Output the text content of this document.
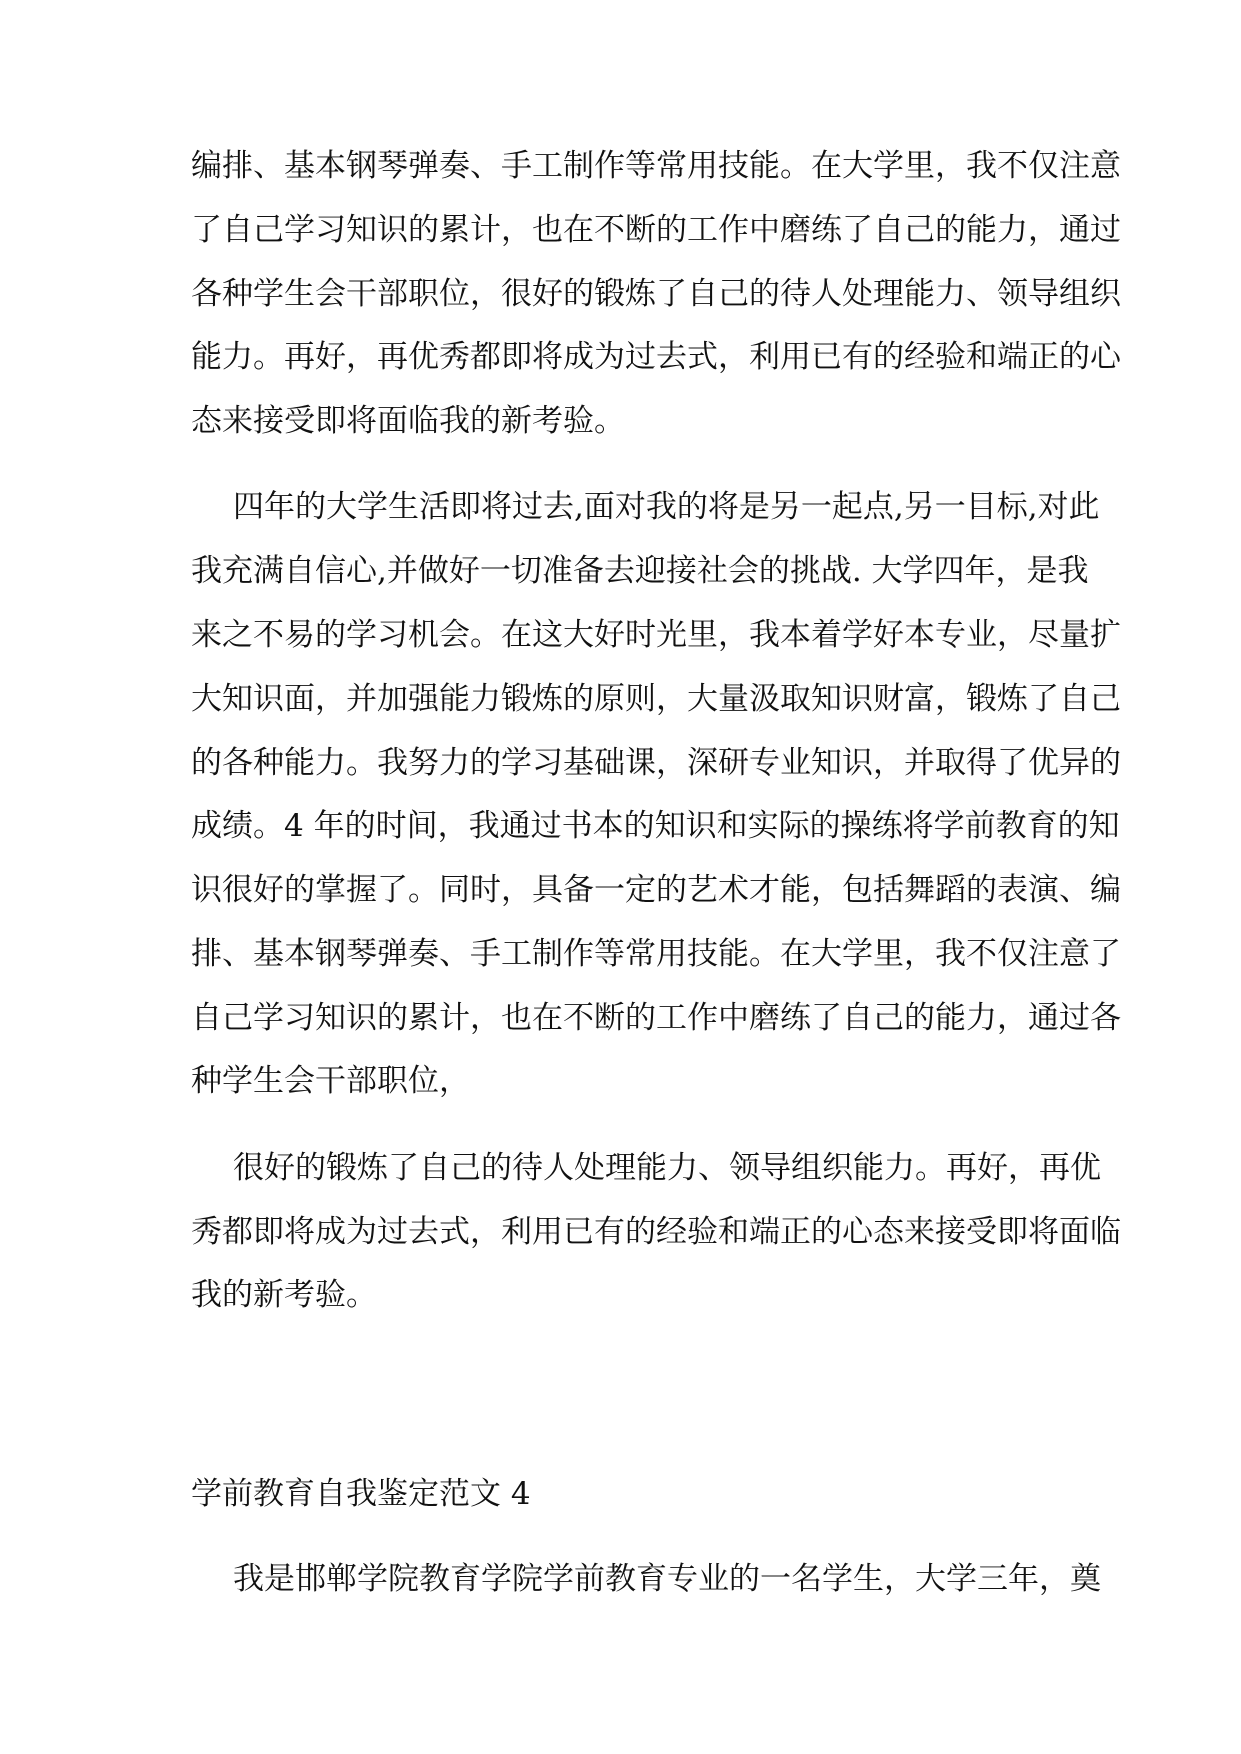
编排、基本钢琴弹奏、手工制作等常用技能。在大学里，我不仅注意
了自己学习知识的累计，也在不断的工作中磨练了自己的能力，通过
各种学生会干部职位，很好的锻炼了自己的待人处理能力、领导组织
能力。再好，再优秀都即将成为过去式，利用已有的经验和端正的心
态来接受即将面临我的新考验。
四年的大学生活即将过去,面对我的将是另一起点,另一目标,对此
我充满自信心,并做好一切准备去迎接社会的挑战. 大学四年，是我
来之不易的学习机会。在这大好时光里，我本着学好本专业，尽量扩
大知识面，并加强能力锻炼的原则，大量汲取知识财富，锻炼了自己
的各种能力。我努力的学习基础课，深研专业知识，并取得了优异的
成绩。4 年的时间，我通过书本的知识和实际的操练将学前教育的知
识很好的掌握了。同时，具备一定的艺术才能，包括舞蹈的表演、编
排、基本钢琴弹奏、手工制作等常用技能。在大学里，我不仅注意了
自己学习知识的累计，也在不断的工作中磨练了自己的能力，通过各
种学生会干部职位，
很好的锻炼了自己的待人处理能力、领导组织能力。再好，再优
秀都即将成为过去式，利用已有的经验和端正的心态来接受即将面临
我的新考验。
学前教育自我鉴定范文 4
我是邯郸学院教育学院学前教育专业的一名学生，大学三年，奠
